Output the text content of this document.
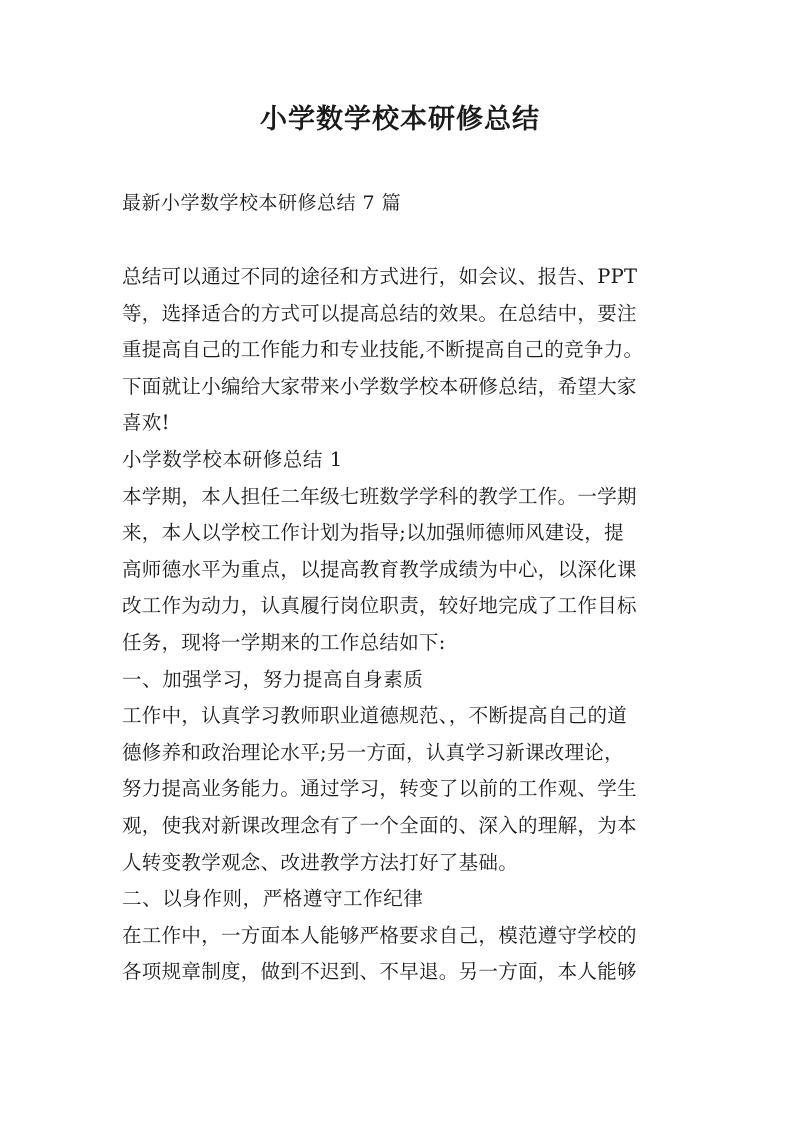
小学数学校本研修总结
最新小学数学校本研修总结 7 篇
总结可以通过不同的途径和方式进行，如会议、报告、PPT
等，选择适合的方式可以提高总结的效果。在总结中，要注
重提高自己的工作能力和专业技能,不断提高自己的竞争力。
下面就让小编给大家带来小学数学校本研修总结，希望大家
喜欢!
小学数学校本研修总结 1
本学期，本人担任二年级七班数学学科的教学工作。一学期
来，本人以学校工作计划为指导;以加强师德师风建设，提
高师德水平为重点，以提高教育教学成绩为中心，以深化课
改工作为动力，认真履行岗位职责，较好地完成了工作目标
任务，现将一学期来的工作总结如下:
一、加强学习，努力提高自身素质
工作中，认真学习教师职业道德规范、，不断提高自己的道
德修养和政治理论水平;另一方面，认真学习新课改理论，
努力提高业务能力。通过学习，转变了以前的工作观、学生
观，使我对新课改理念有了一个全面的、深入的理解，为本
人转变教学观念、改进教学方法打好了基础。
二、以身作则，严格遵守工作纪律
在工作中，一方面本人能够严格要求自己，模范遵守学校的
各项规章制度，做到不迟到、不早退。另一方面，本人能够
